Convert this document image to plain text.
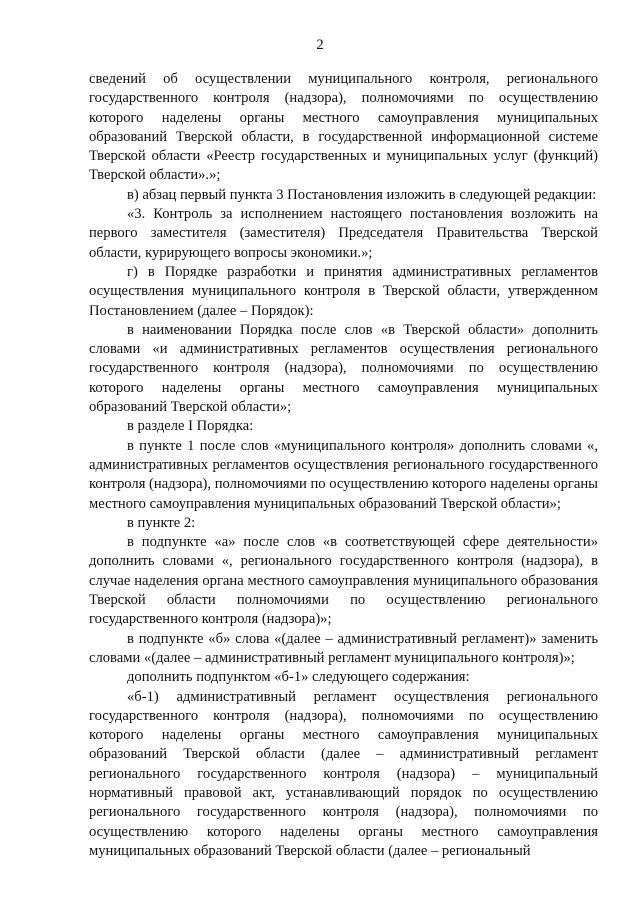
2

сведений об осуществлении муниципального контроля, регионального государственного контроля (надзора), полномочиями по осуществлению которого наделены органы местного самоуправления муниципальных образований Тверской области, в государственной информационной системе Тверской области «Реестр государственных и муниципальных услуг (функций) Тверской области».»;

в) абзац первый пункта 3 Постановления изложить в следующей редакции:

«3. Контроль за исполнением настоящего постановления возложить на первого заместителя (заместителя) Председателя Правительства Тверской области, курирующего вопросы экономики.»;

г) в Порядке разработки и принятия административных регламентов осуществления муниципального контроля в Тверской области, утвержденном Постановлением (далее – Порядок):

в наименовании Порядка после слов «в Тверской области» дополнить словами «и административных регламентов осуществления регионального государственного контроля (надзора), полномочиями по осуществлению которого наделены органы местного самоуправления муниципальных образований Тверской области»;

в разделе I Порядка:

в пункте 1 после слов «муниципального контроля» дополнить словами «, административных регламентов осуществления регионального государственного контроля (надзора), полномочиями по осуществлению которого наделены органы местного самоуправления муниципальных образований Тверской области»;

в пункте 2:

в подпункте «а» после слов «в соответствующей сфере деятельности» дополнить словами «, регионального государственного контроля (надзора), в случае наделения органа местного самоуправления муниципального образования Тверской области полномочиями по осуществлению регионального государственного контроля (надзора)»;

в подпункте «б» слова «(далее – административный регламент)» заменить словами «(далее – административный регламент муниципального контроля)»;

дополнить подпунктом «б-1» следующего содержания:

«б-1) административный регламент осуществления регионального государственного контроля (надзора), полномочиями по осуществлению которого наделены органы местного самоуправления муниципальных образований Тверской области (далее – административный регламент регионального государственного контроля (надзора) – муниципальный нормативный правовой акт, устанавливающий порядок по осуществлению регионального государственного контроля (надзора), полномочиями по осуществлению которого наделены органы местного самоуправления муниципальных образований Тверской области (далее – региональный
